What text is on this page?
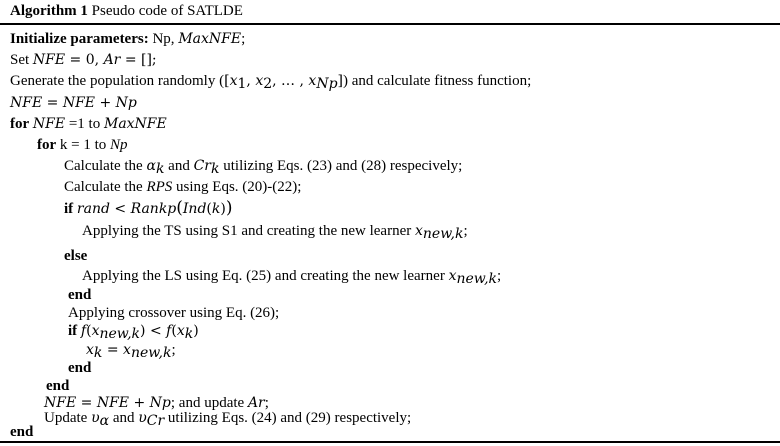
Algorithm 1 Pseudo code of SATLDE
Initialize parameters: Np, MaxNFE;
Set NFE = 0, Ar = [];
Generate the population randomly ([$x_1$, $x_2$, … , $x_{Np}$]) and calculate fitness function;
NFE = NFE + Np
for NFE =1 to MaxNFE
for k = 1 to Np
Calculate the $\alpha_k$ and $Cr_k$ utilizing Eqs. (23) and (28) respecively;
Calculate the RPS using Eqs. (20)-(22);
if rand < Rankp(Ind(k))
Applying the TS using S1 and creating the new learner $x_{new,k}$;
else
Applying the LS using Eq. (25) and creating the new learner $x_{new,k}$;
end
Applying crossover using Eq. (26);
if $f(x_{new,k}) < f(x_k)$
$x_k = x_{new,k}$;
end
end
NFE = NFE + Np; and update Ar;
Update $\upsilon_\alpha$ and $\upsilon_{Cr}$ utilizing Eqs. (24) and (29) respectively;
end
